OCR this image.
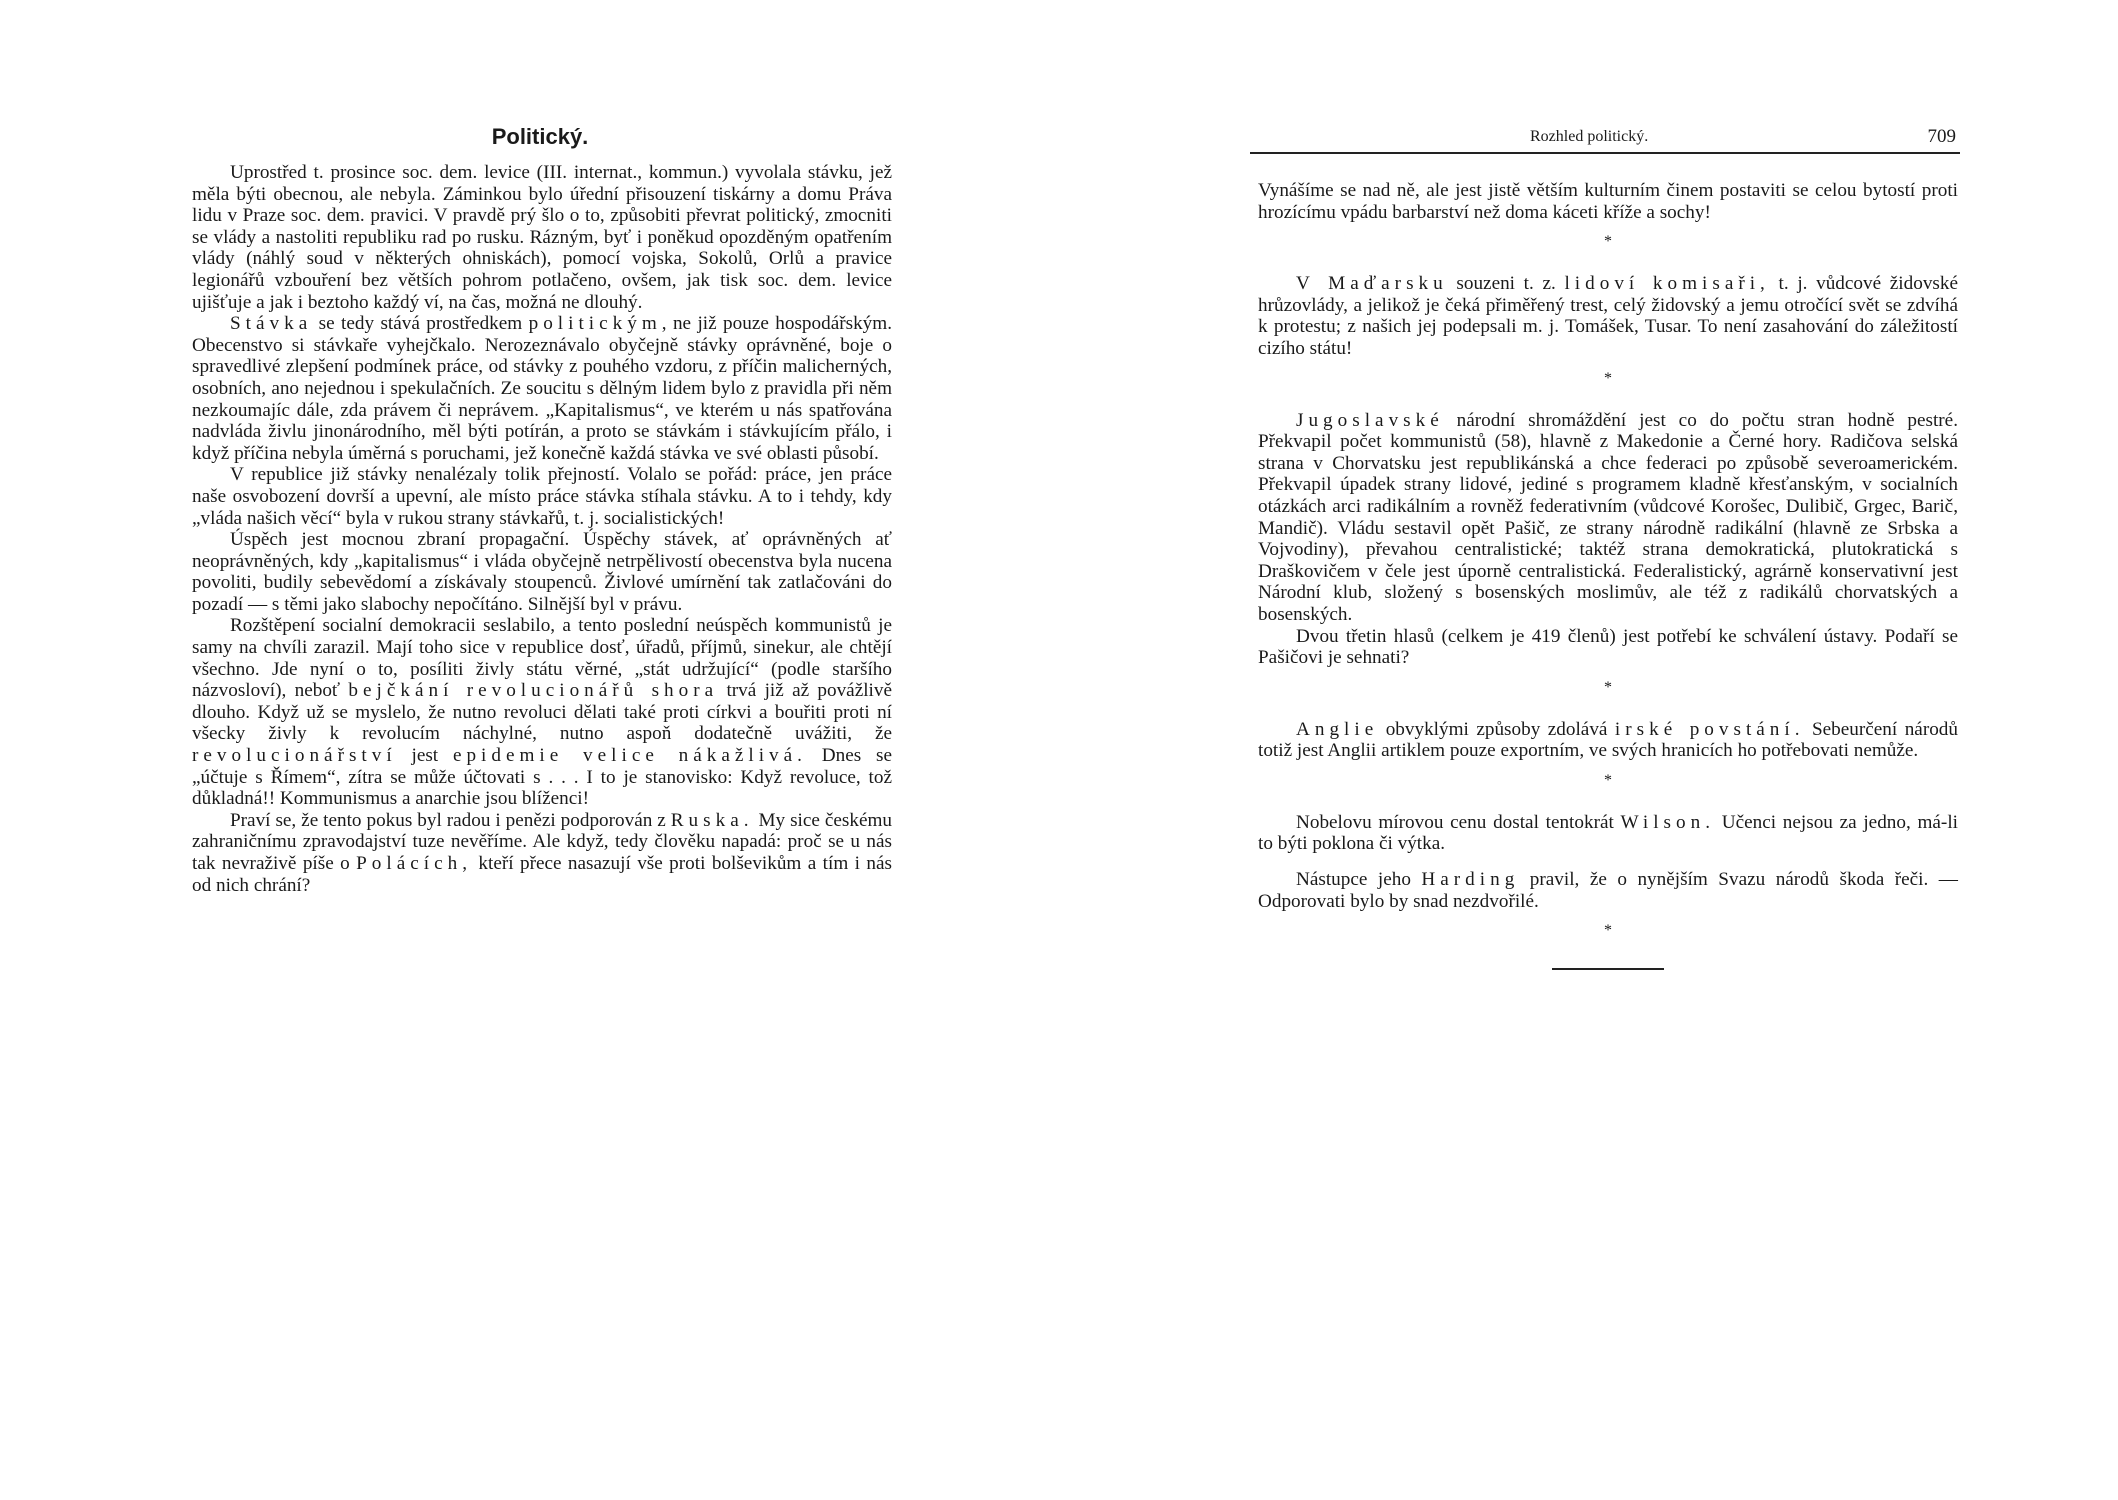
Politický.

Uprostřed t. prosince soc. dem. levice (III. internat., kommun.) vyvolala stávku, jež měla býti obecnou, ale nebyla. Záminkou bylo úřední přisouzení tiskárny a domu Práva lidu v Praze soc. dem. pravici. V pravdě prý šlo o to, způsobiti převrat politický, zmocniti se vlády a nastoliti republiku rad po rusku. Rázným, byť i poněkud opozděným opatřením vlády (náhlý soud v některých ohniskách), pomocí vojska, Sokolů, Orlů a pravice legionářů vzbouření bez větších pohrom potlačeno, ovšem, jak tisk soc. dem. levice ujišťuje a jak i beztoho každý ví, na čas, možná ne dlouhý.

Stávka se tedy stává prostředkem politickým, ne již pouze hospodářským. Obecenstvo si stávkaře vyhejčkalo. Nerozeznávalo obyčejně stávky oprávněné, boje o spravedlivé zlepšení podmínek práce, od stávky z pouhého vzdoru, z příčin malicherných, osobních, ano nejednou i spekulačních. Ze soucitu s dělným lidem bylo z pravidla při něm nezkoumajíc dále, zda právem či neprávem. „Kapitalismus“, ve kterém u nás spatřována nadvláda živlu jinonárodního, měl býti potírán, a proto se stávkám i stávkujícím přálo, i když příčina nebyla úměrná s poruchami, jež konečně každá stávka ve své oblasti působí.

V republice již stávky nenalézaly tolik přejností. Volalo se pořád: práce, jen práce naše osvobození dovrší a upevní, ale místo práce stávka stíhala stávku. A to i tehdy, kdy „vláda našich věcí“ byla v rukou strany stávkařů, t. j. socialistických!

Úspěch jest mocnou zbraní propagační. Úspěchy stávek, ať oprávněných ať neoprávněných, kdy „kapitalismus“ i vláda obyčejně netrpělivostí obecenstva byla nucena povoliti, budily sebevědomí a získávaly stoupenců. Živlové umírnění tak zatlačováni do pozadí — s těmi jako slabochy nepočítáno. Silnější byl v právu.

Rozštěpení socialní demokracii seslabilo, a tento poslední neúspěch kommunistů je samy na chvíli zarazil. Mají toho sice v republice dosť, úřadů, příjmů, sinekur, ale chtějí všechno. Jde nyní o to, posíliti živly státu věrné, „stát udržující“ (podle staršího názvosloví), neboť bejčkání revolucionářů shora trvá již až povážlivě dlouho. Když už se myslelo, že nutno revoluci dělati také proti církvi a bouřiti proti ní všecky živly k revolucím náchylné, nutno aspoň dodatečně uvážiti, že revolucionářství jest epidemie velice nákažlivá. Dnes se „účtuje s Římem“, zítra se může účtovati s . . . I to je stanovisko: Když revoluce, tož důkladná!! Kommunismus a anarchie jsou blíženci!

Praví se, že tento pokus byl radou i penězi podporován z Ruska. My sice českému zahraničnímu zpravodajství tuze nevěříme. Ale když, tedy člověku napadá: proč se u nás tak nevraživě píše o Polácích, kteří přece nasazují vše proti bolševikům a tím i nás od nich chrání?

Rozhled politický.	709

Vynášíme se nad ně, ale jest jistě větším kulturním činem postaviti se celou bytostí proti hrozícímu vpádu barbarství než doma káceti kříže a sochy!

*

V Maďarsku souzeni t. z. lidoví komisaři, t. j. vůdcové židovské hrůzovlády, a jelikož je čeká přiměřený trest, celý židovský a jemu otročící svět se zdvíhá k protestu; z našich jej podepsali m. j. Tomášek, Tusar. To není zasahování do záležitostí cizího státu!

*

Jugoslavské národní shromáždění jest co do počtu stran hodně pestré. Překvapil počet kommunistů (58), hlavně z Makedonie a Černé hory. Radičova selská strana v Chorvatsku jest republikánská a chce federaci po způsobě severoamerickém. Překvapil úpadek strany lidové, jediné s programem kladně křesťanským, v socialních otázkách arci radikálním a rovněž federativním (vůdcové Korošec, Dulibič, Grgec, Barič, Mandič). Vládu sestavil opět Pašič, ze strany národně radikální (hlavně ze Srbska a Vojvodiny), převahou centralistické; taktéž strana demokratická, plutokratická s Draškovičem v čele jest úporně centralistická. Federalistický, agrárně konservativní jest Národní klub, složený s bosenských moslimův, ale též z radikálů chorvatských a bosenských.

Dvou třetin hlasů (celkem je 419 členů) jest potřebí ke schválení ústavy. Podaří se Pašičovi je sehnati?

*

Anglie obvyklými způsoby zdolává irské povstání. Sebeurčení národů totiž jest Anglii artiklem pouze exportním, ve svých hranicích ho potřebovati nemůže.

*

Nobelovu mírovou cenu dostal tentokrát Wilson. Učenci nejsou za jedno, má-li to býti poklona či výtka.

Nástupce jeho Harding pravil, že o nynějším Svazu národů škoda řeči. — Odporovati bylo by snad nezdvořilé.

*
